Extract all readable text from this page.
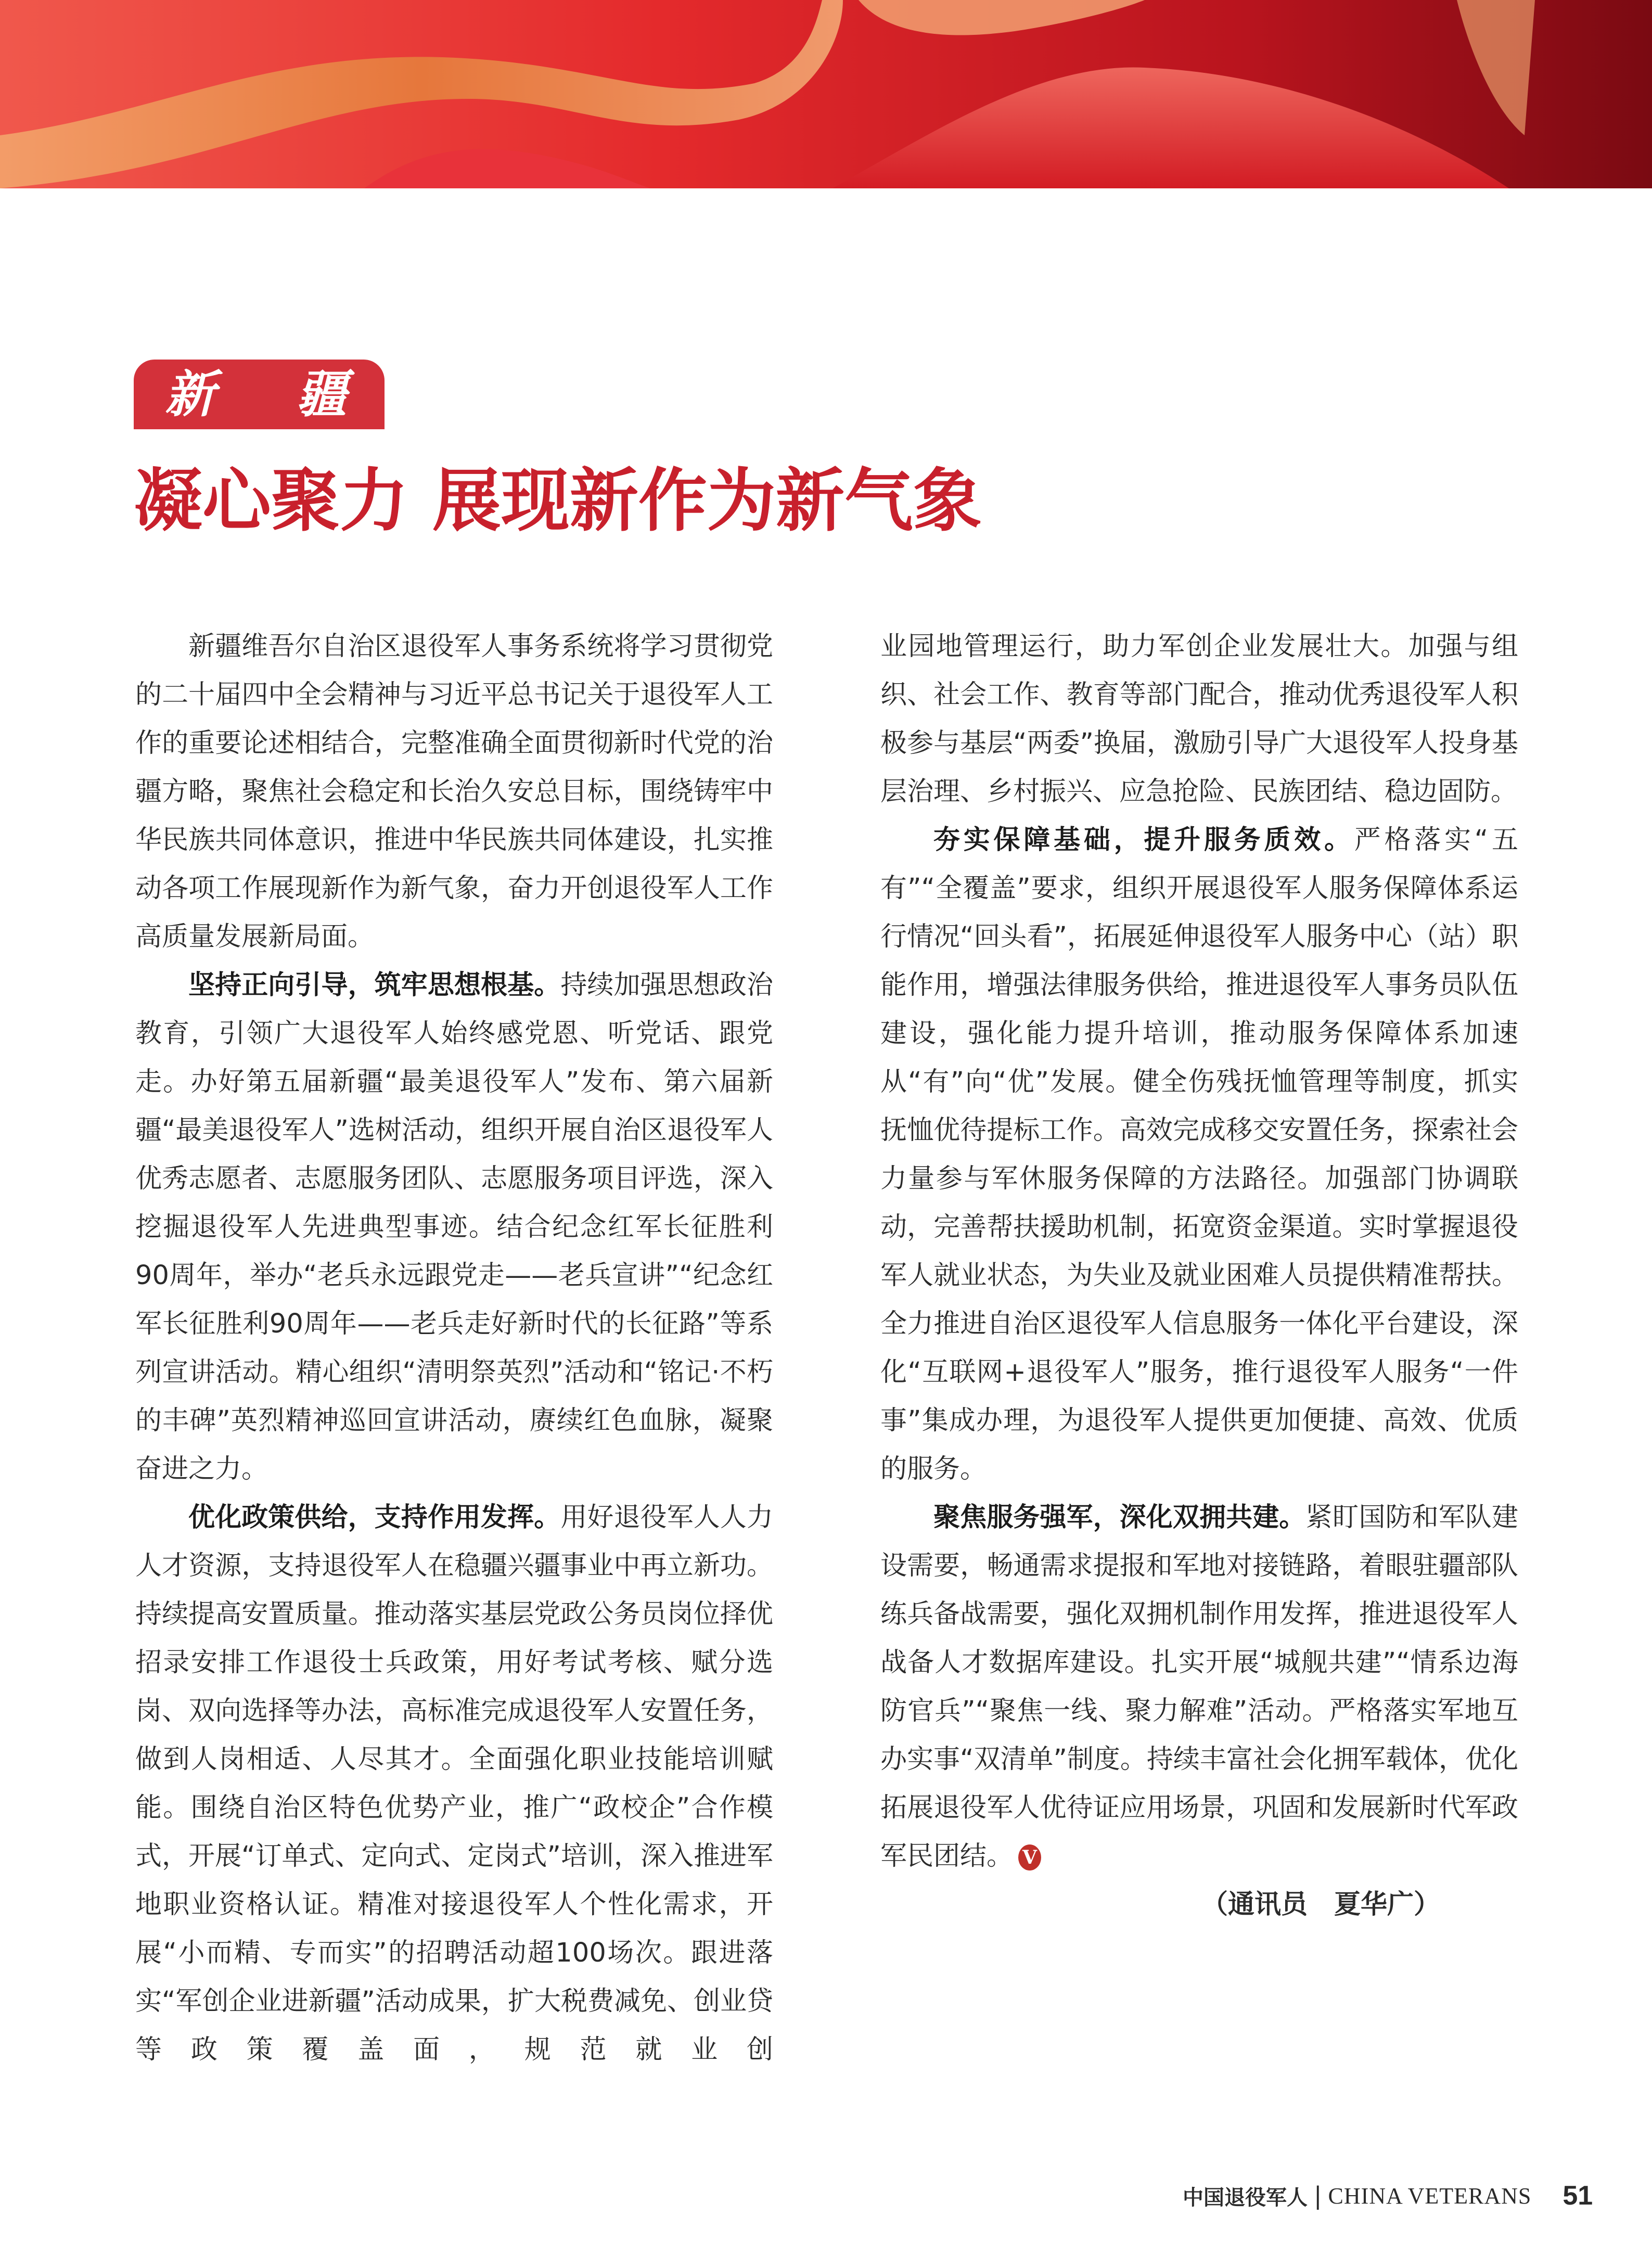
新  疆
凝心聚力 展现新作为新气象

新疆维吾尔自治区退役军人事务系统将学习贯彻党的二十届四中全会精神与习近平总书记关于退役军人工作的重要论述相结合，完整准确全面贯彻新时代党的治疆方略，聚焦社会稳定和长治久安总目标，围绕铸牢中华民族共同体意识，推进中华民族共同体建设，扎实推动各项工作展现新作为新气象，奋力开创退役军人工作高质量发展新局面。

坚持正向引导，筑牢思想根基。持续加强思想政治教育，引领广大退役军人始终感党恩、听党话、跟党走。办好第五届新疆“最美退役军人”发布、第六届新疆“最美退役军人”选树活动，组织开展自治区退役军人优秀志愿者、志愿服务团队、志愿服务项目评选，深入挖掘退役军人先进典型事迹。结合纪念红军长征胜利90周年，举办“老兵永远跟党走——老兵宣讲”“纪念红军长征胜利90周年——老兵走好新时代的长征路”等系列宣讲活动。精心组织“清明祭英烈”活动和“铭记·不朽的丰碑”英烈精神巡回宣讲活动，赓续红色血脉，凝聚奋进之力。

优化政策供给，支持作用发挥。用好退役军人人力人才资源，支持退役军人在稳疆兴疆事业中再立新功。持续提高安置质量。推动落实基层党政公务员岗位择优招录安排工作退役士兵政策，用好考试考核、赋分选岗、双向选择等办法，高标准完成退役军人安置任务，做到人岗相适、人尽其才。全面强化职业技能培训赋能。围绕自治区特色优势产业，推广“政校企”合作模式，开展“订单式、定向式、定岗式”培训，深入推进军地职业资格认证。精准对接退役军人个性化需求，开展“小而精、专而实”的招聘活动超100场次。跟进落实“军创企业进新疆”活动成果，扩大税费减免、创业贷等政策覆盖面，规范就业创

业园地管理运行，助力军创企业发展壮大。加强与组织、社会工作、教育等部门配合，推动优秀退役军人积极参与基层“两委”换届，激励引导广大退役军人投身基层治理、乡村振兴、应急抢险、民族团结、稳边固防。

夯实保障基础，提升服务质效。严格落实“五有”“全覆盖”要求，组织开展退役军人服务保障体系运行情况“回头看”，拓展延伸退役军人服务中心（站）职能作用，增强法律服务供给，推进退役军人事务员队伍建设，强化能力提升培训，推动服务保障体系加速从“有”向“优”发展。健全伤残抚恤管理等制度，抓实抚恤优待提标工作。高效完成移交安置任务，探索社会力量参与军休服务保障的方法路径。加强部门协调联动，完善帮扶援助机制，拓宽资金渠道。实时掌握退役军人就业状态，为失业及就业困难人员提供精准帮扶。全力推进自治区退役军人信息服务一体化平台建设，深化“互联网+退役军人”服务，推行退役军人服务“一件事”集成办理，为退役军人提供更加便捷、高效、优质的服务。

聚焦服务强军，深化双拥共建。紧盯国防和军队建设需要，畅通需求提报和军地对接链路，着眼驻疆部队练兵备战需要，强化双拥机制作用发挥，推进退役军人战备人才数据库建设。扎实开展“城舰共建”“情系边海防官兵”“聚焦一线、聚力解难”活动。严格落实军地互办实事“双清单”制度。持续丰富社会化拥军载体，优化拓展退役军人优待证应用场景，巩固和发展新时代军政军民团结。 V

（通讯员　夏华广）

中国退役军人 | CHINA VETERANS 51
